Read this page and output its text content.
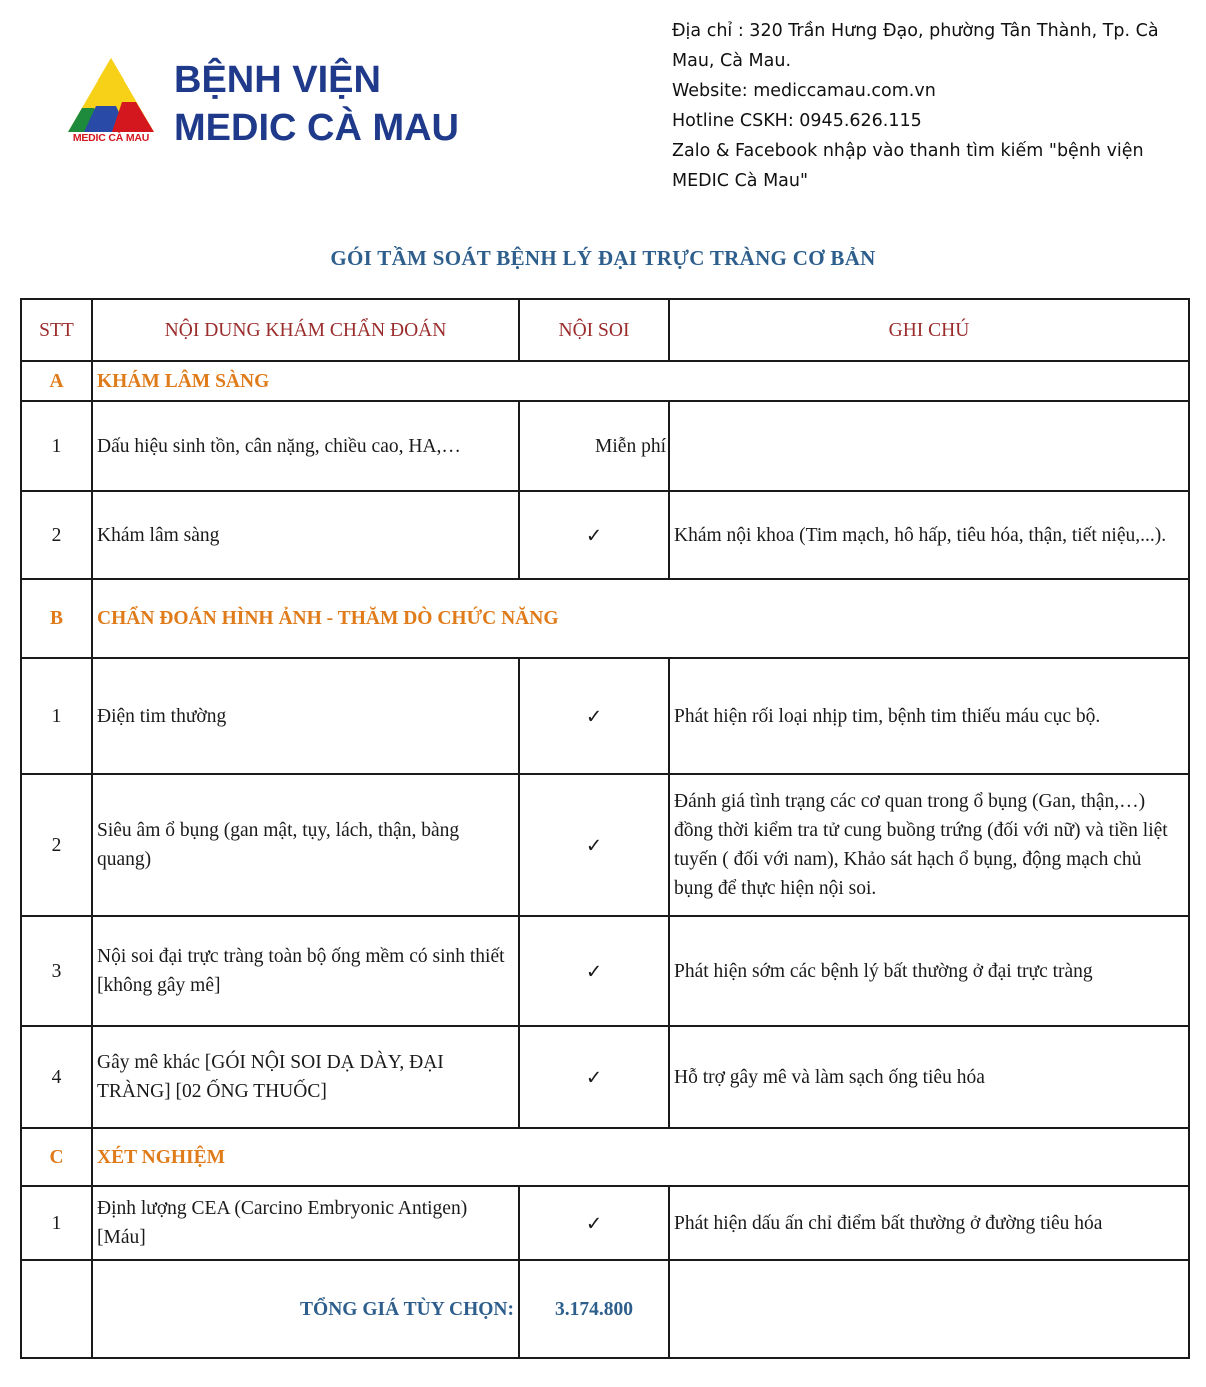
MEDIC CÀ MAU
BỆNH VIỆN
MEDIC CÀ MAU
Địa chỉ : 320 Trần Hưng Đạo, phường Tân Thành, Tp. Cà Mau, Cà Mau.
Website: mediccamau.com.vn
Hotline CSKH: 0945.626.115
Zalo & Facebook nhập vào thanh tìm kiếm "bệnh viện MEDIC Cà Mau"
GÓI TẦM SOÁT BỆNH LÝ ĐẠI TRỰC TRÀNG CƠ BẢN
STT	NỘI DUNG KHÁM CHẨN ĐOÁN	NỘI SOI	GHI CHÚ
A	KHÁM LÂM SÀNG		
1	Dấu hiệu sinh tồn, cân nặng, chiều cao, HA,…	Miễn phí	
2	Khám lâm sàng	✓	Khám nội khoa (Tim mạch, hô hấp, tiêu hóa, thận, tiết niệu,...).
B	CHẨN ĐOÁN HÌNH ẢNH - THĂM DÒ CHỨC NĂNG		
1	Điện tim thường	✓	Phát hiện rối loại nhịp tim, bệnh tim thiếu máu cục bộ.
2	Siêu âm ổ bụng (gan mật, tụy, lách, thận, bàng quang)	✓	Đánh giá tình trạng các cơ quan trong ổ bụng (Gan, thận,…) đồng thời kiểm tra tử cung buồng trứng (đối với nữ) và tiền liệt tuyến ( đối với nam), Khảo sát hạch ổ bụng, động mạch chủ bụng để thực hiện nội soi.
3	Nội soi đại trực tràng toàn bộ ống mềm có sinh thiết [không gây mê]	✓	Phát hiện sớm các bệnh lý bất thường ở đại trực tràng
4	Gây mê khác [GÓI NỘI SOI DẠ DÀY, ĐẠI TRÀNG] [02 ỐNG THUỐC]	✓	Hỗ trợ gây mê và làm sạch ống tiêu hóa
C	XÉT NGHIỆM		
1	Định lượng CEA (Carcino Embryonic Antigen) [Máu]	✓	Phát hiện dấu ấn chỉ điểm bất thường ở đường tiêu hóa
	TỔNG GIÁ TÙY CHỌN:	3.174.800	
